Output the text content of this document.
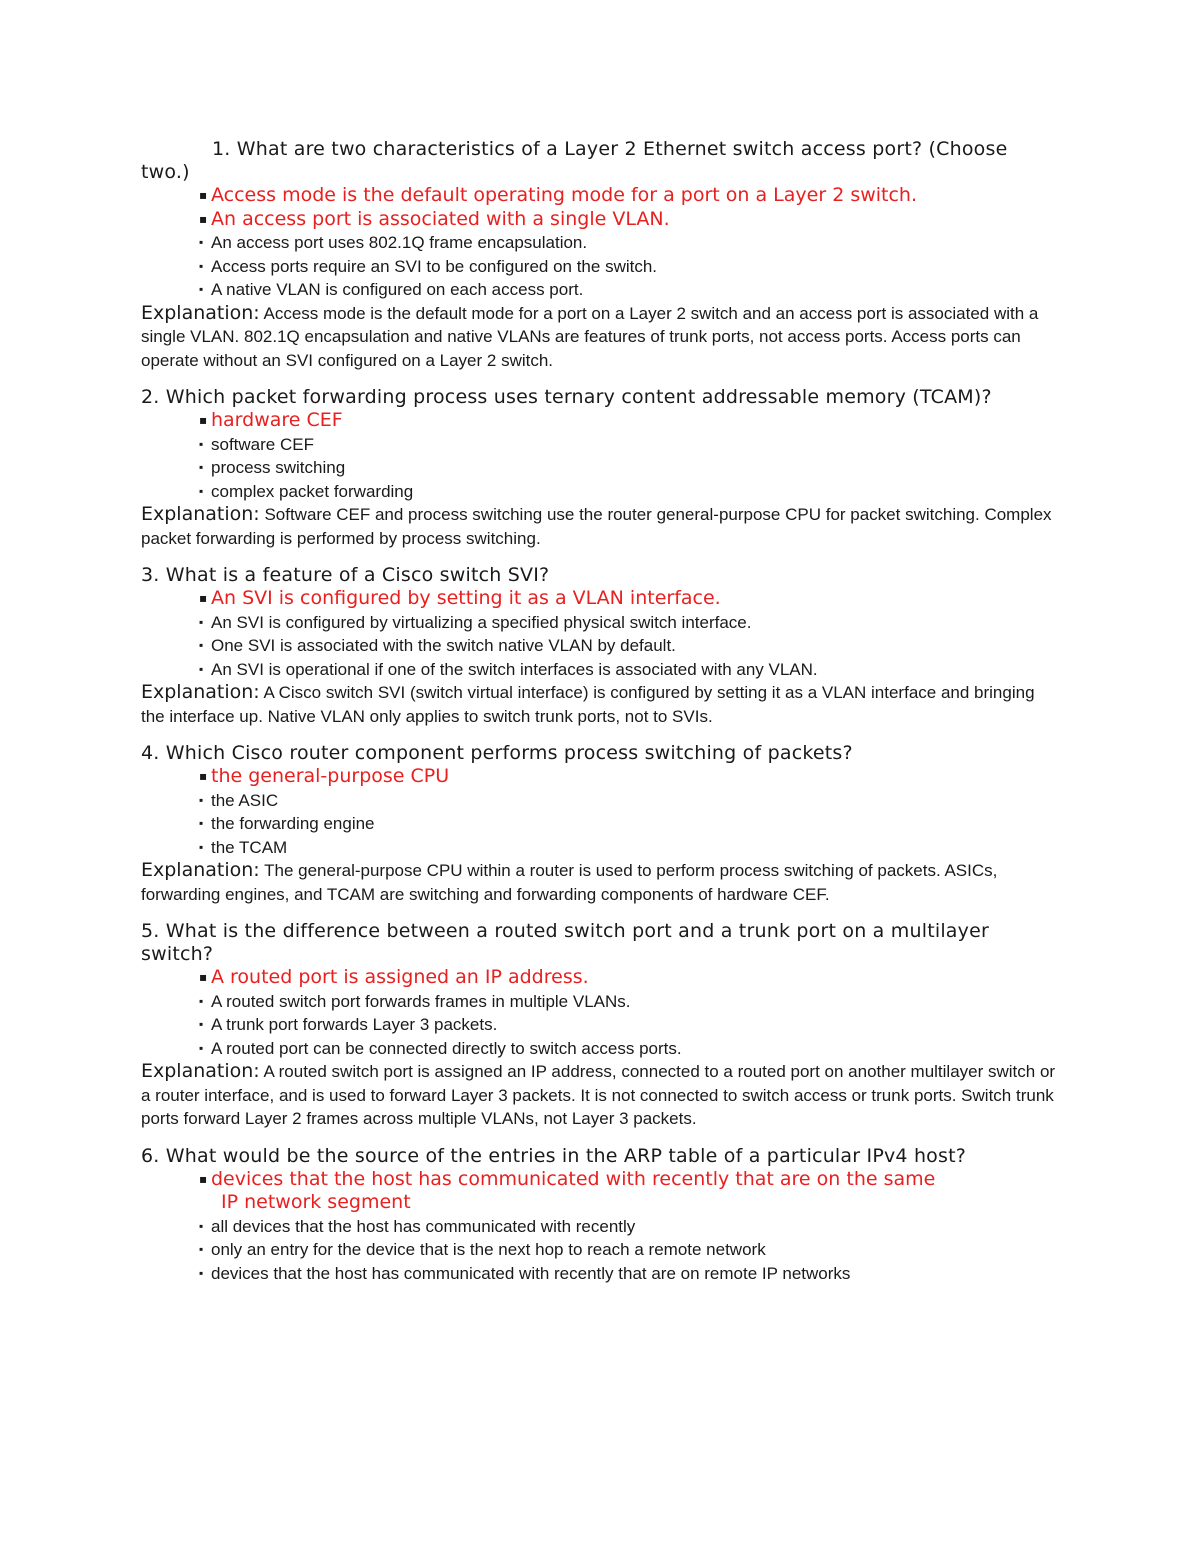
1. What are two characteristics of a Layer 2 Ethernet switch access port? (Choose two.)

▪ Access mode is the default operating mode for a port on a Layer 2 switch.
▪ An access port is associated with a single VLAN.
▪ An access port uses 802.1Q frame encapsulation.
▪ Access ports require an SVI to be configured on the switch.
▪ A native VLAN is configured on each access port.

Explanation: Access mode is the default mode for a port on a Layer 2 switch and an access port is associated with a single VLAN. 802.1Q encapsulation and native VLANs are features of trunk ports, not access ports. Access ports can operate without an SVI configured on a Layer 2 switch.

2. Which packet forwarding process uses ternary content addressable memory (TCAM)?

▪ hardware CEF
▪ software CEF
▪ process switching
▪ complex packet forwarding

Explanation: Software CEF and process switching use the router general-purpose CPU for packet switching. Complex packet forwarding is performed by process switching.

3. What is a feature of a Cisco switch SVI?

▪ An SVI is configured by setting it as a VLAN interface.
▪ An SVI is configured by virtualizing a specified physical switch interface.
▪ One SVI is associated with the switch native VLAN by default.
▪ An SVI is operational if one of the switch interfaces is associated with any VLAN.

Explanation: A Cisco switch SVI (switch virtual interface) is configured by setting it as a VLAN interface and bringing the interface up. Native VLAN only applies to switch trunk ports, not to SVIs.

4. Which Cisco router component performs process switching of packets?

▪ the general-purpose CPU
▪ the ASIC
▪ the forwarding engine
▪ the TCAM

Explanation: The general-purpose CPU within a router is used to perform process switching of packets. ASICs, forwarding engines, and TCAM are switching and forwarding components of hardware CEF.

5. What is the difference between a routed switch port and a trunk port on a multilayer switch?

▪ A routed port is assigned an IP address.
▪ A routed switch port forwards frames in multiple VLANs.
▪ A trunk port forwards Layer 3 packets.
▪ A routed port can be connected directly to switch access ports.

Explanation: A routed switch port is assigned an IP address, connected to a routed port on another multilayer switch or a router interface, and is used to forward Layer 3 packets. It is not connected to switch access or trunk ports. Switch trunk ports forward Layer 2 frames across multiple VLANs, not Layer 3 packets.

6. What would be the source of the entries in the ARP table of a particular IPv4 host?

▪ devices that the host has communicated with recently that are on the same
IP network segment
▪ all devices that the host has communicated with recently
▪ only an entry for the device that is the next hop to reach a remote network
▪ devices that the host has communicated with recently that are on remote IP networks
